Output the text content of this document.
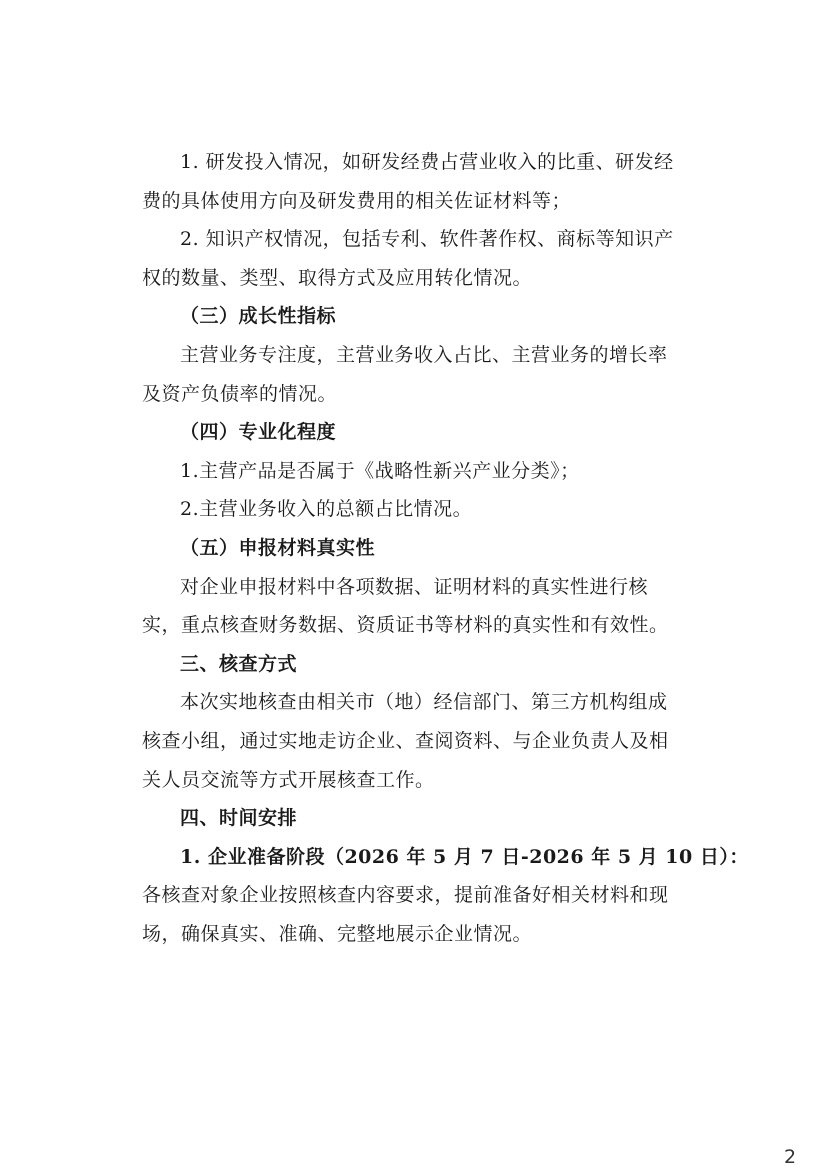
1. 研发投入情况，如研发经费占营业收入的比重、研发经
费的具体使用方向及研发费用的相关佐证材料等；
2. 知识产权情况，包括专利、软件著作权、商标等知识产
权的数量、类型、取得方式及应用转化情况。
（三）成长性指标
主营业务专注度，主营业务收入占比、主营业务的增长率
及资产负债率的情况。
（四）专业化程度
1.主营产品是否属于《战略性新兴产业分类》；
2.主营业务收入的总额占比情况。
（五）申报材料真实性
对企业申报材料中各项数据、证明材料的真实性进行核
实，重点核查财务数据、资质证书等材料的真实性和有效性。
三、核查方式
本次实地核查由相关市（地）经信部门、第三方机构组成
核查小组，通过实地走访企业、查阅资料、与企业负责人及相
关人员交流等方式开展核查工作。
四、时间安排
1. 企业准备阶段（2026 年 5 月 7 日-2026 年 5 月 10 日）：
各核查对象企业按照核查内容要求，提前准备好相关材料和现
场，确保真实、准确、完整地展示企业情况。
2
